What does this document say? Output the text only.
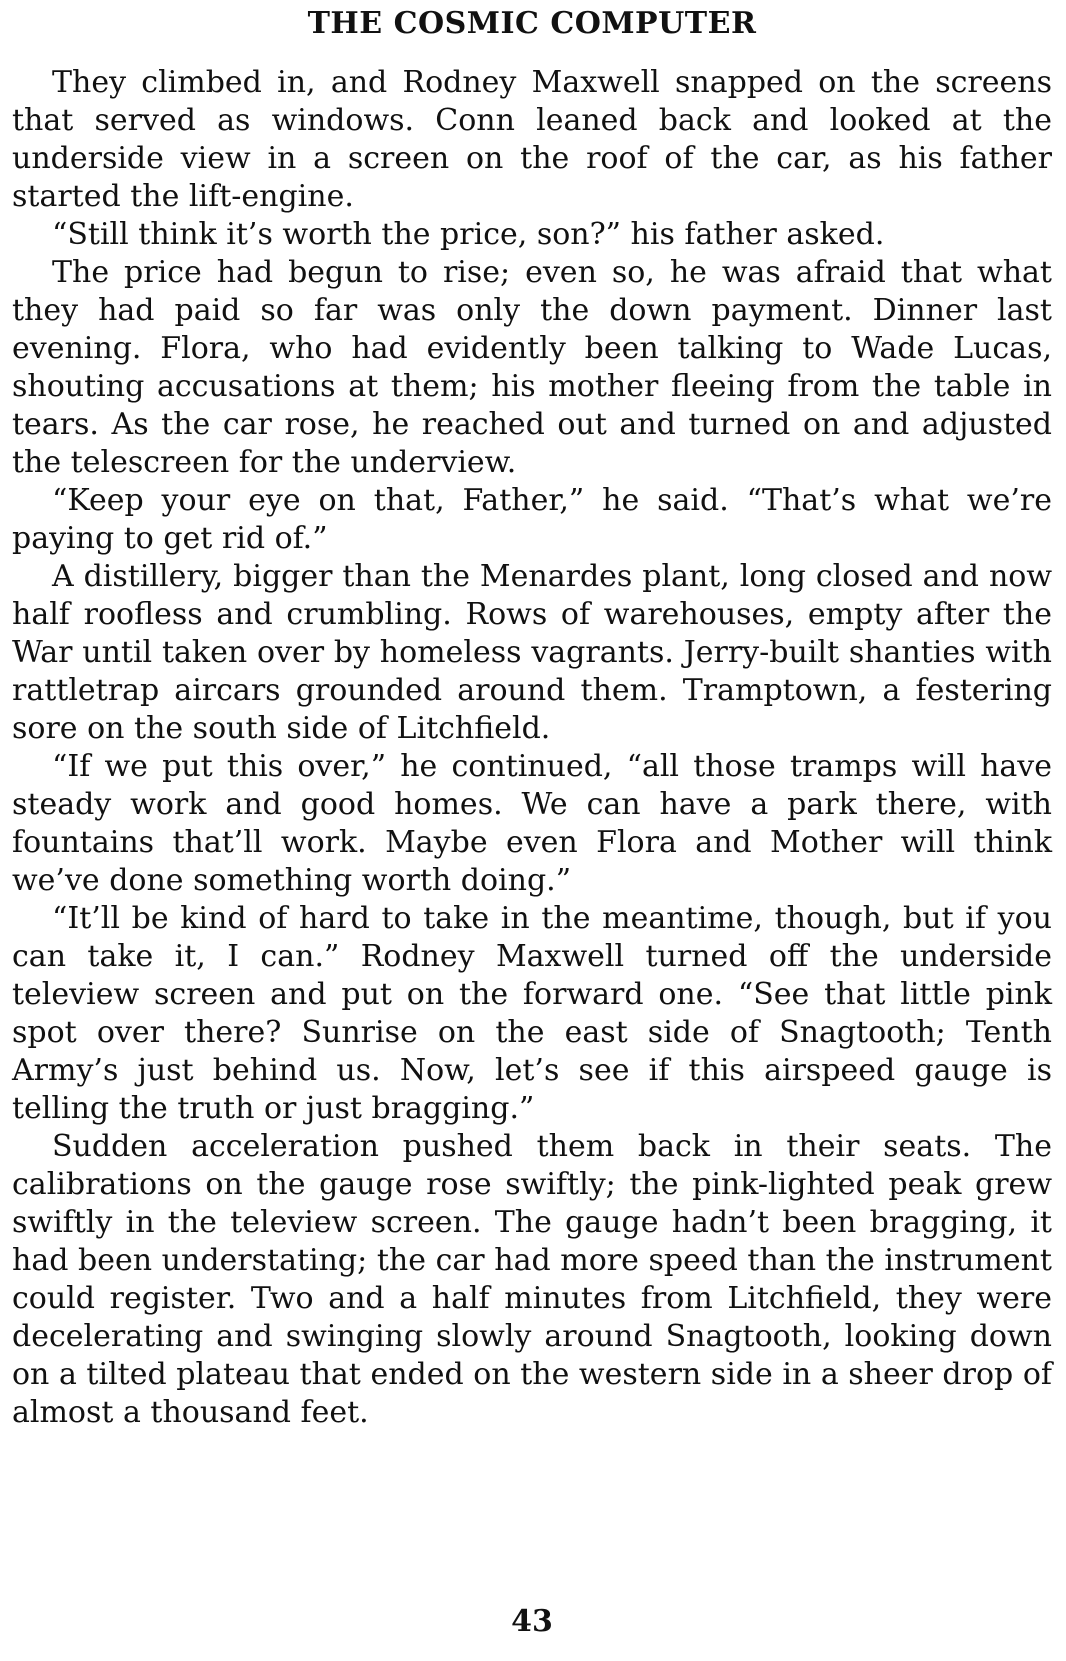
THE COSMIC COMPUTER

They climbed in, and Rodney Maxwell snapped on the screens that served as windows. Conn leaned back and looked at the underside view in a screen on the roof of the car, as his father started the lift-engine.

“Still think it’s worth the price, son?” his father asked.

The price had begun to rise; even so, he was afraid that what they had paid so far was only the down payment. Dinner last evening. Flora, who had evidently been talking to Wade Lucas, shouting accusations at them; his mother fleeing from the table in tears. As the car rose, he reached out and turned on and adjusted the telescreen for the underview.

“Keep your eye on that, Father,” he said. “That’s what we’re paying to get rid of.”

A distillery, bigger than the Menardes plant, long closed and now half roofless and crumbling. Rows of warehouses, empty after the War until taken over by homeless vagrants. Jerry-built shanties with rattletrap aircars grounded around them. Tramptown, a festering sore on the south side of Litchfield.

“If we put this over,” he continued, “all those tramps will have steady work and good homes. We can have a park there, with fountains that’ll work. Maybe even Flora and Mother will think we’ve done something worth doing.”

“It’ll be kind of hard to take in the meantime, though, but if you can take it, I can.” Rodney Maxwell turned off the underside teleview screen and put on the forward one. “See that little pink spot over there? Sunrise on the east side of Snagtooth; Tenth Army’s just behind us. Now, let’s see if this airspeed gauge is telling the truth or just bragging.”

Sudden acceleration pushed them back in their seats. The calibrations on the gauge rose swiftly; the pink-lighted peak grew swiftly in the teleview screen. The gauge hadn’t been bragging, it had been understating; the car had more speed than the instrument could register. Two and a half minutes from Litchfield, they were decelerating and swinging slowly around Snagtooth, looking down on a tilted plateau that ended on the western side in a sheer drop of almost a thousand feet.

43
